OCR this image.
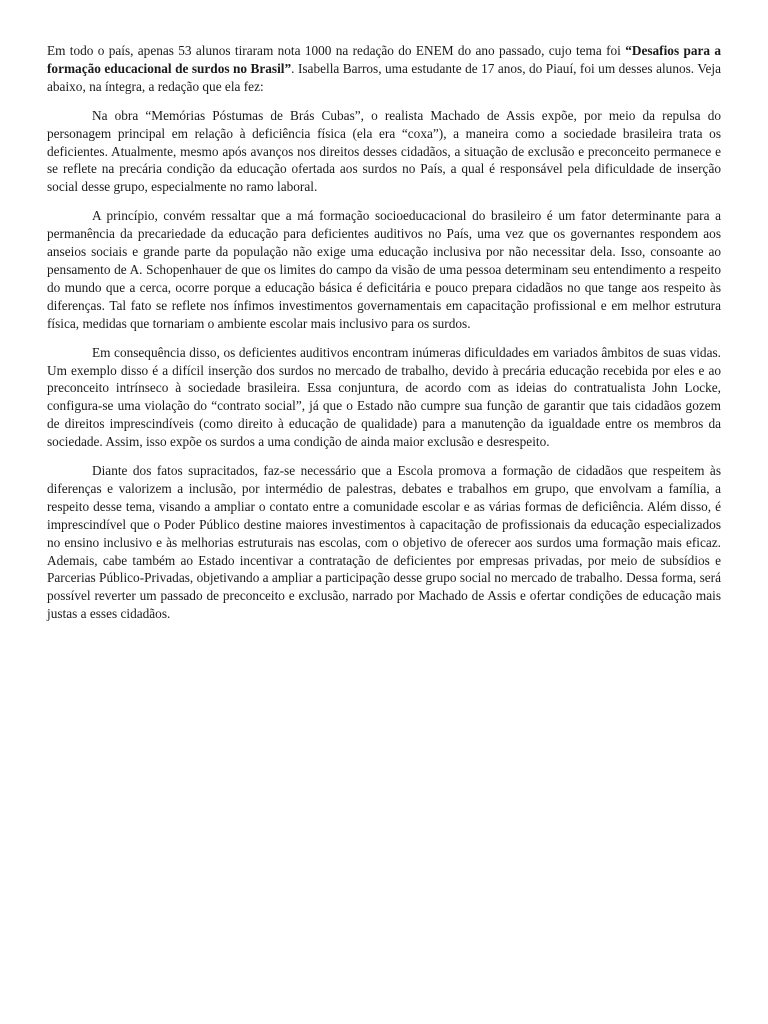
Em todo o país, apenas 53 alunos tiraram nota 1000 na redação do ENEM do ano passado, cujo tema foi “Desafios para a formação educacional de surdos no Brasil”. Isabella Barros, uma estudante de 17 anos, do Piauí, foi um desses alunos. Veja abaixo, na íntegra, a redação que ela fez:

Na obra “Memórias Póstumas de Brás Cubas”, o realista Machado de Assis expõe, por meio da repulsa do personagem principal em relação à deficiência física (ela era “coxa”), a maneira como a sociedade brasileira trata os deficientes. Atualmente, mesmo após avanços nos direitos desses cidadãos, a situação de exclusão e preconceito permanece e se reflete na precária condição da educação ofertada aos surdos no País, a qual é responsável pela dificuldade de inserção social desse grupo, especialmente no ramo laboral.

A princípio, convém ressaltar que a má formação socioeducacional do brasileiro é um fator determinante para a permanência da precariedade da educação para deficientes auditivos no País, uma vez que os governantes respondem aos anseios sociais e grande parte da população não exige uma educação inclusiva por não necessitar dela. Isso, consoante ao pensamento de A. Schopenhauer de que os limites do campo da visão de uma pessoa determinam seu entendimento a respeito do mundo que a cerca, ocorre porque a educação básica é deficitária e pouco prepara cidadãos no que tange aos respeito às diferenças. Tal fato se reflete nos ínfimos investimentos governamentais em capacitação profissional e em melhor estrutura física, medidas que tornariam o ambiente escolar mais inclusivo para os surdos.

Em consequência disso, os deficientes auditivos encontram inúmeras dificuldades em variados âmbitos de suas vidas. Um exemplo disso é a difícil inserção dos surdos no mercado de trabalho, devido à precária educação recebida por eles e ao preconceito intrínseco à sociedade brasileira. Essa conjuntura, de acordo com as ideias do contratualista John Locke, configura-se uma violação do “contrato social”, já que o Estado não cumpre sua função de garantir que tais cidadãos gozem de direitos imprescindíveis (como direito à educação de qualidade) para a manutenção da igualdade entre os membros da sociedade. Assim, isso expõe os surdos a uma condição de ainda maior exclusão e desrespeito.

Diante dos fatos supracitados, faz-se necessário que a Escola promova a formação de cidadãos que respeitem às diferenças e valorizem a inclusão, por intermédio de palestras, debates e trabalhos em grupo, que envolvam a família, a respeito desse tema, visando a ampliar o contato entre a comunidade escolar e as várias formas de deficiência. Além disso, é imprescindível que o Poder Público destine maiores investimentos à capacitação de profissionais da educação especializados no ensino inclusivo e às melhorias estruturais nas escolas, com o objetivo de oferecer aos surdos uma formação mais eficaz. Ademais, cabe também ao Estado incentivar a contratação de deficientes por empresas privadas, por meio de subsídios e Parcerias Público-Privadas, objetivando a ampliar a participação desse grupo social no mercado de trabalho. Dessa forma, será possível reverter um passado de preconceito e exclusão, narrado por Machado de Assis e ofertar condições de educação mais justas a esses cidadãos.
